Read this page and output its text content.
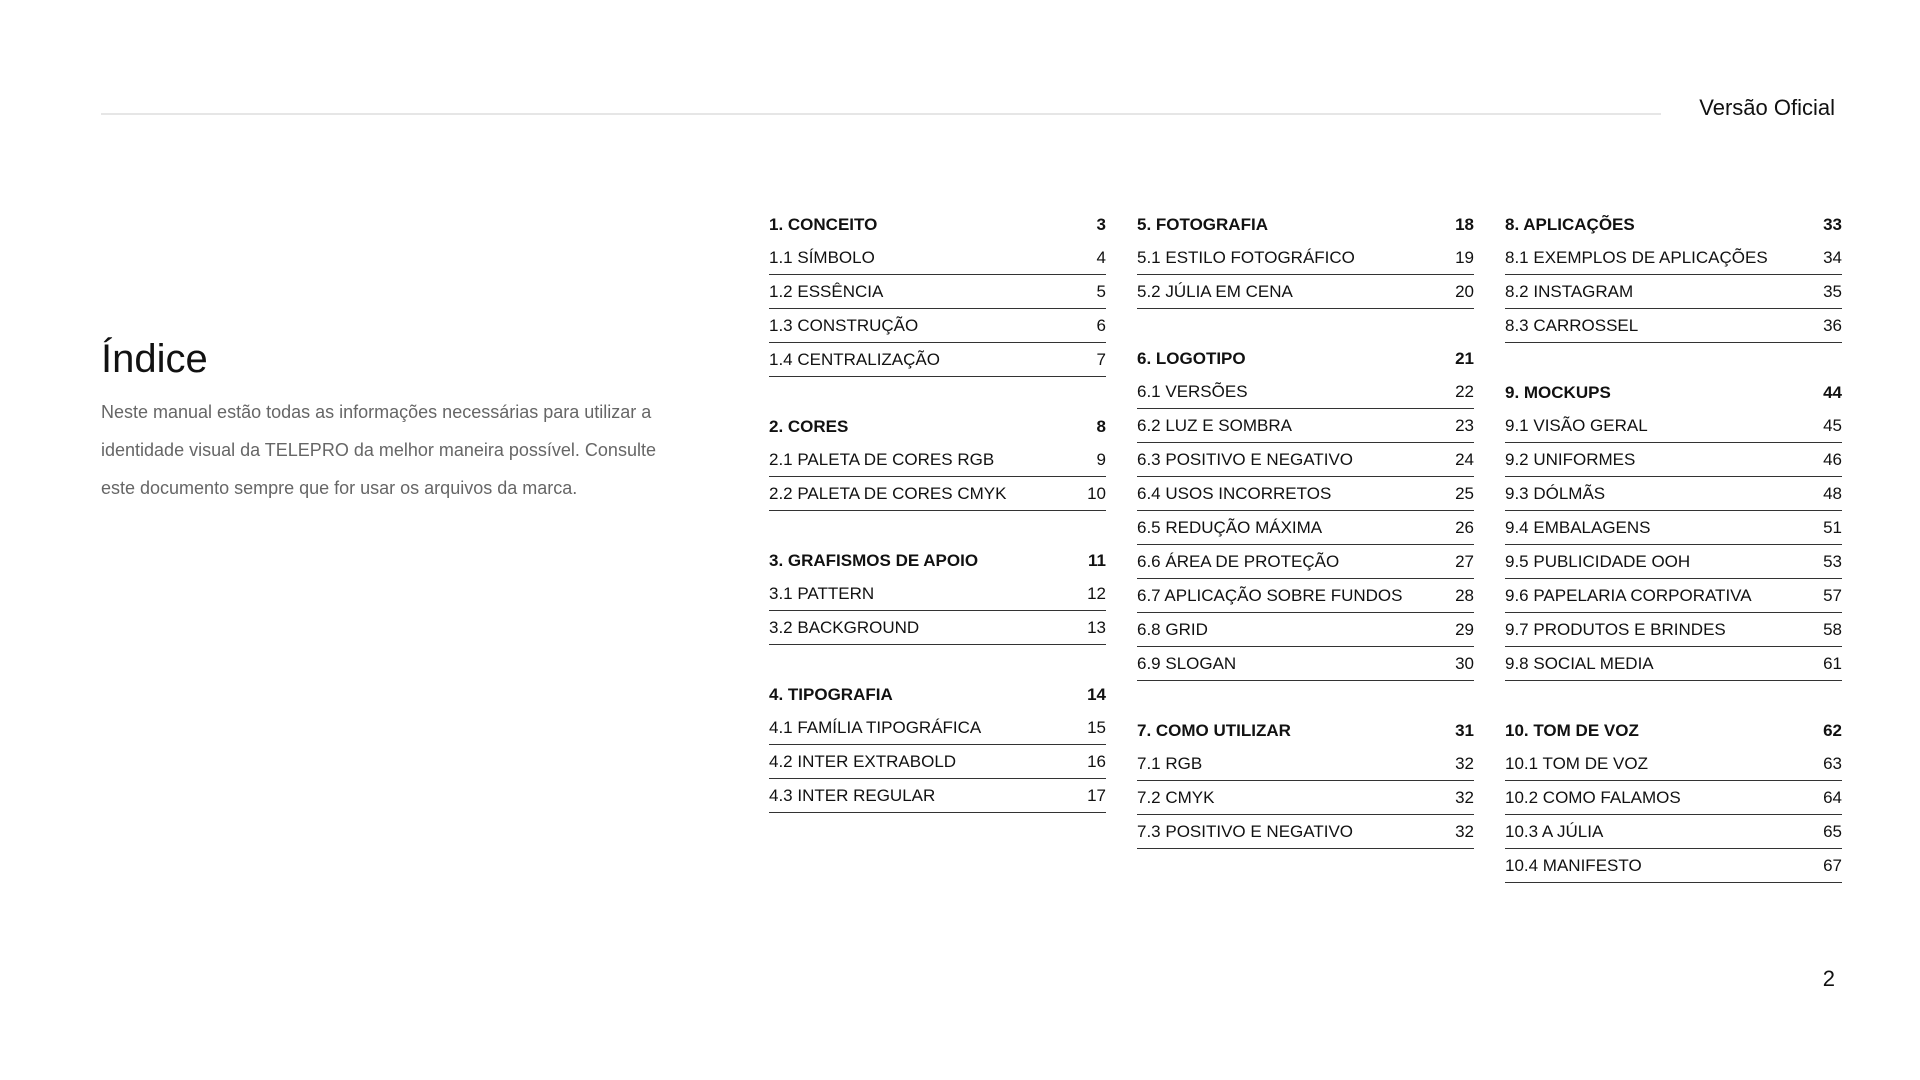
Versão Oficial
Índice

Neste manual estão todas as informações necessárias para utilizar a
identidade visual da TELEPRO da melhor maneira possível. Consulte
este documento sempre que for usar os arquivos da marca.

1. CONCEITO	3
1.1 SÍMBOLO	4
1.2 ESSÊNCIA	5
1.3 CONSTRUÇÃO	6
1.4 CENTRALIZAÇÃO	7
2. CORES	8
2.1 PALETA DE CORES RGB	9
2.2 PALETA DE CORES CMYK	10
3. GRAFISMOS DE APOIO	11
3.1 PATTERN	12
3.2 BACKGROUND	13
4. TIPOGRAFIA	14
4.1 FAMÍLIA TIPOGRÁFICA	15
4.2 INTER EXTRABOLD	16
4.3 INTER REGULAR	17
5. FOTOGRAFIA	18
5.1 ESTILO FOTOGRÁFICO	19
5.2 JÚLIA EM CENA	20
6. LOGOTIPO	21
6.1 VERSÕES	22
6.2 LUZ E SOMBRA	23
6.3 POSITIVO E NEGATIVO	24
6.4 USOS INCORRETOS	25
6.5 REDUÇÃO MÁXIMA	26
6.6 ÁREA DE PROTEÇÃO	27
6.7 APLICAÇÃO SOBRE FUNDOS	28
6.8 GRID	29
6.9 SLOGAN	30
7. COMO UTILIZAR	31
7.1 RGB	32
7.2 CMYK	32
7.3 POSITIVO E NEGATIVO	32
8. APLICAÇÕES	33
8.1 EXEMPLOS DE APLICAÇÕES	34
8.2 INSTAGRAM	35
8.3 CARROSSEL	36
9. MOCKUPS	44
9.1 VISÃO GERAL	45
9.2 UNIFORMES	46
9.3 DÓLMÃS	48
9.4 EMBALAGENS	51
9.5 PUBLICIDADE OOH	53
9.6 PAPELARIA CORPORATIVA	57
9.7 PRODUTOS E BRINDES	58
9.8 SOCIAL MEDIA	61
10. TOM DE VOZ	62
10.1 TOM DE VOZ	63
10.2 COMO FALAMOS	64
10.3 A JÚLIA	65
10.4 MANIFESTO	67
2
